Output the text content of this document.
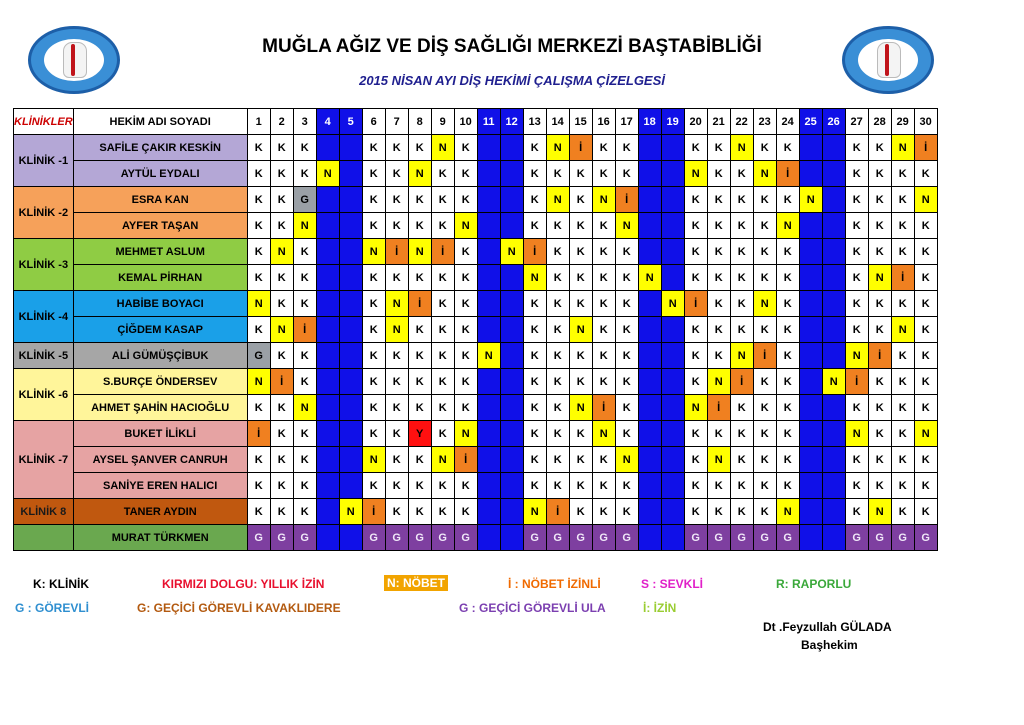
MUĞLA AĞIZ VE DİŞ SAĞLIĞI MERKEZİ BAŞTABİBLİĞİ
2015 NİSAN AYI DİŞ HEKİMİ ÇALIŞMA ÇİZELGESİ
KLİNİKLER	HEKİM ADI SOYADI	1	2	3	4	5	6	7	8	9	10	11	12	13	14	15	16	17	18	19	20	21	22	23	24	25	26	27	28	29	30
KLİNİK -1	SAFİLE ÇAKIR KESKİN	K	K	K			K	K	K	N	K			K	N	İ	K	K			K	K	N	K	K			K	K	N	İ
	AYTÜL EYDALI	K	K	K	N		K	K	N	K	K			K	K	K	K	K			N	K	K	N	İ			K	K	K	K
KLİNİK -2	ESRA KAN	K	K	G			K	K	K	K	K			K	N	K	N	İ			K	K	K	K	K	N		K	K	K	N
	AYFER TAŞAN	K	K	N			K	K	K	K	N			K	K	K	K	N			K	K	K	K	N			K	K	K	K
KLİNİK -3	MEHMET ASLUM	K	N	K			N	İ	N	İ	K		N	İ	K	K	K	K			K	K	K	K	K			K	K	K	K
	KEMAL PİRHAN	K	K	K			K	K	K	K	K			N	K	K	K	K	N		K	K	K	K	K			K	N	İ	K
KLİNİK -4	HABİBE BOYACI	N	K	K			K	N	İ	K	K			K	K	K	K	K		N	İ	K	K	N	K			K	K	K	K
	ÇİĞDEM KASAP	K	N	İ			K	N	K	K	K			K	K	N	K	K			K	K	K	K	K			K	K	N	K
KLİNİK -5	ALİ GÜMÜŞÇİBUK	G	K	K			K	K	K	K	K	N		K	K	K	K	K			K	K	N	İ	K			N	İ	K	K
KLİNİK -6	S.BURÇE ÖNDERSEV	N	İ	K			K	K	K	K	K			K	K	K	K	K			K	N	İ	K	K		N	İ	K	K	K
	AHMET ŞAHİN HACIOĞLU	K	K	N			K	K	K	K	K			K	K	N	İ	K			N	İ	K	K	K			K	K	K	K
KLİNİK -7	BUKET İLİKLİ	İ	K	K			K	K	Y	K	N			K	K	K	N	K			K	K	K	K	K			N	K	K	N
	AYSEL ŞANVER CANRUH	K	K	K			N	K	K	N	İ			K	K	K	K	N			K	N	K	K	K			K	K	K	K
	SANİYE EREN HALICI	K	K	K			K	K	K	K	K			K	K	K	K	K			K	K	K	K	K			K	K	K	K
KLİNİK 8	TANER AYDIN	K	K	K		N	İ	K	K	K	K			N	İ	K	K	K			K	K	K	K	N			K	N	K	K
	MURAT TÜRKMEN	G	G	G			G	G	G	G	G			G	G	G	G	G			G	G	G	G	G			G	G	G	G
K: KLİNİK	KIRMIZI DOLGU: YILLIK İZİN	N: NÖBET	İ : NÖBET İZİNLİ	S : SEVKLİ	R: RAPORLU
G : GÖREVLİ	G: GEÇİCİ GÖREVLİ KAVAKLIDERE	G : GEÇİCİ GÖREVLİ ULA	İ: İZİN
Dt .Feyzullah GÜLADA
Başhekim
